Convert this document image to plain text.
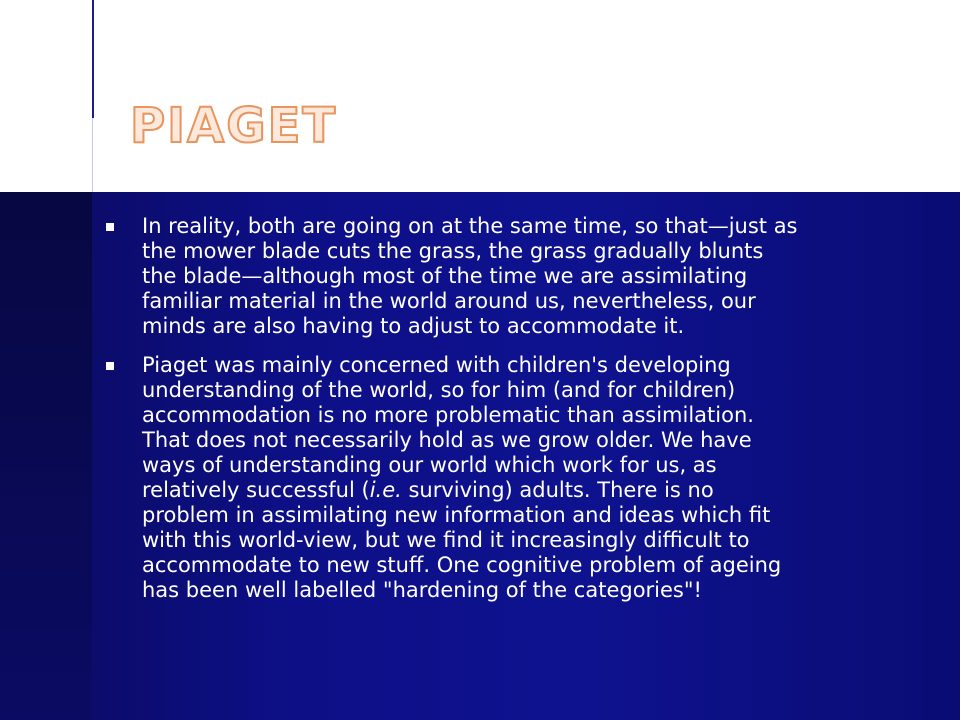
PIAGET
In reality, both are going on at the same time, so that—just as the mower blade cuts the grass, the grass gradually blunts the blade—although most of the time we are assimilating familiar material in the world around us, nevertheless, our minds are also having to adjust to accommodate it.
Piaget was mainly concerned with children's developing understanding of the world, so for him (and for children) accommodation is no more problematic than assimilation. That does not necessarily hold as we grow older. We have ways of understanding our world which work for us, as relatively successful (i.e. surviving) adults. There is no problem in assimilating new information and ideas which fit with this world-view, but we find it increasingly difficult to accommodate to new stuff. One cognitive problem of ageing has been well labelled "hardening of the categories"!
